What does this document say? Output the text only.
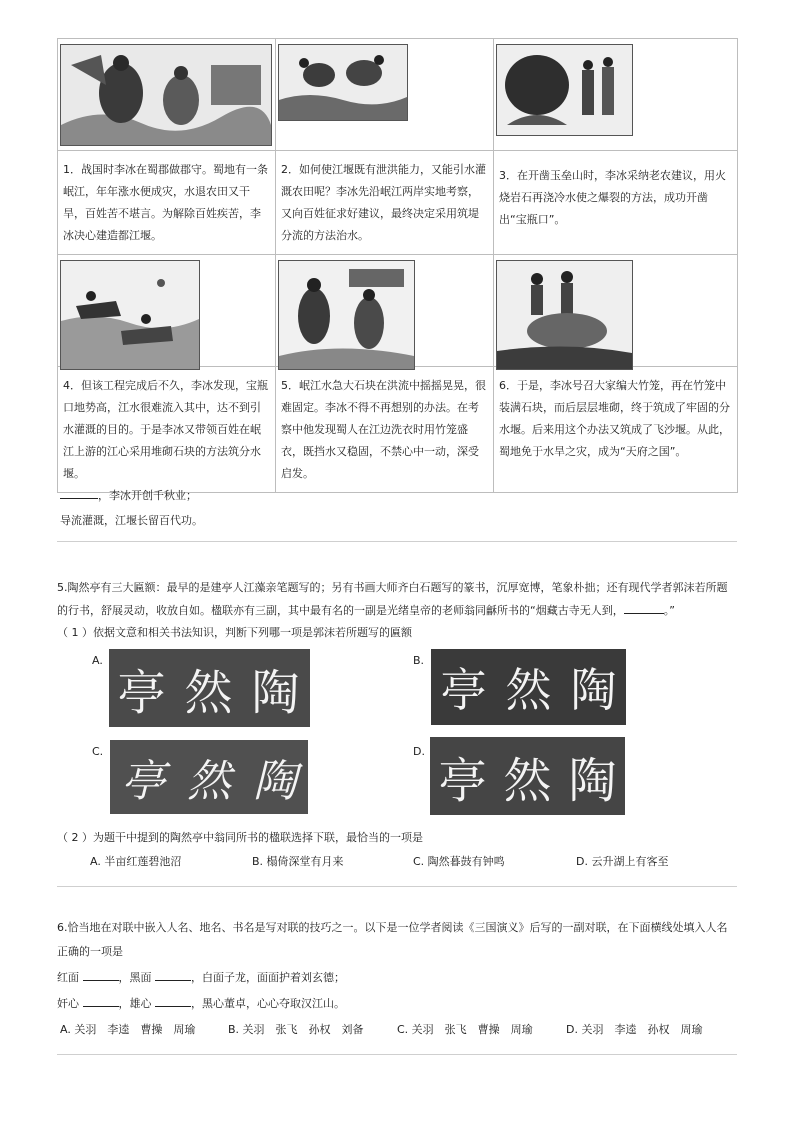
1．战国时李冰在蜀郡做郡守。蜀地有一条岷江，年年涨水便成灾，水退农田又干旱，百姓苦不堪言。为解除百姓疾苦，李冰决心建造都江堰。	2．如何使江堰既有泄洪能力，又能引水灌溉农田呢？李冰先沿岷江两岸实地考察，又向百姓征求好建议，最终决定采用筑堤分流的方法治水。	3．在开凿玉垒山时，李冰采纳老农建议，用火烧岩石再浇冷水使之爆裂的方法，成功开凿出“宝瓶口”。

4．但该工程完成后不久，李冰发现，宝瓶口地势高，江水很难流入其中，达不到引水灌溉的目的。于是李冰又带领百姓在岷江上游的江心采用堆砌石块的方法筑分水堰。	5．岷江水急大石块在洪流中摇摇晃晃，很难固定。李冰不得不再想别的办法。在考察中他发现蜀人在江边洗衣时用竹笼盛衣，既挡水又稳固，不禁心中一动，深受启发。	6．于是，李冰号召大家编大竹笼，再在竹笼中装满石块，而后层层堆砌，终于筑成了牢固的分水堰。后来用这个办法又筑成了飞沙堰。从此，蜀地免于水旱之灾，成为“天府之国”。
，李冰开创千秋业；
导流灌溉，江堰长留百代功。
5.陶然亭有三大匾额：最早的是建亭人江藻亲笔题写的；另有书画大师齐白石题写的篆书，沉厚宽博，笔象朴拙；还有现代学者郭沫若所题
的行书，舒展灵动，收放自如。楹联亦有三副，其中最有名的一副是光绪皇帝的老师翁同龢所书的“烟藏古寺无人到，	。”
（ 1 ）依据文意和相关书法知识，判断下列哪一项是郭沫若所题写的匾额
A.
亭 然 陶
B.
亭 然 陶
C.
亭 然 陶
D.
亭 然 陶
（ 2 ）为题干中提到的陶然亭中翁同所书的楹联选择下联，最恰当的一项是
A. 半亩红莲碧池沼	B. 榻倚深堂有月来	C. 陶然暮鼓有钟鸣	D. 云升湖上有客至
6.恰当地在对联中嵌入人名、地名、书名是写对联的技巧之一。以下是一位学者阅读《三国演义》后写的一副对联，在下面横线处填入人名
正确的一项是
红面	，黑面	，白面子龙，面面护着刘玄德；
奸心	，雄心	，黑心董卓，心心夺取汉江山。
A. 关羽　李逵　曹操　周瑜	B. 关羽　张飞　孙权　刘备	C. 关羽　张飞　曹操　周瑜	D. 关羽　李逵　孙权　周瑜
